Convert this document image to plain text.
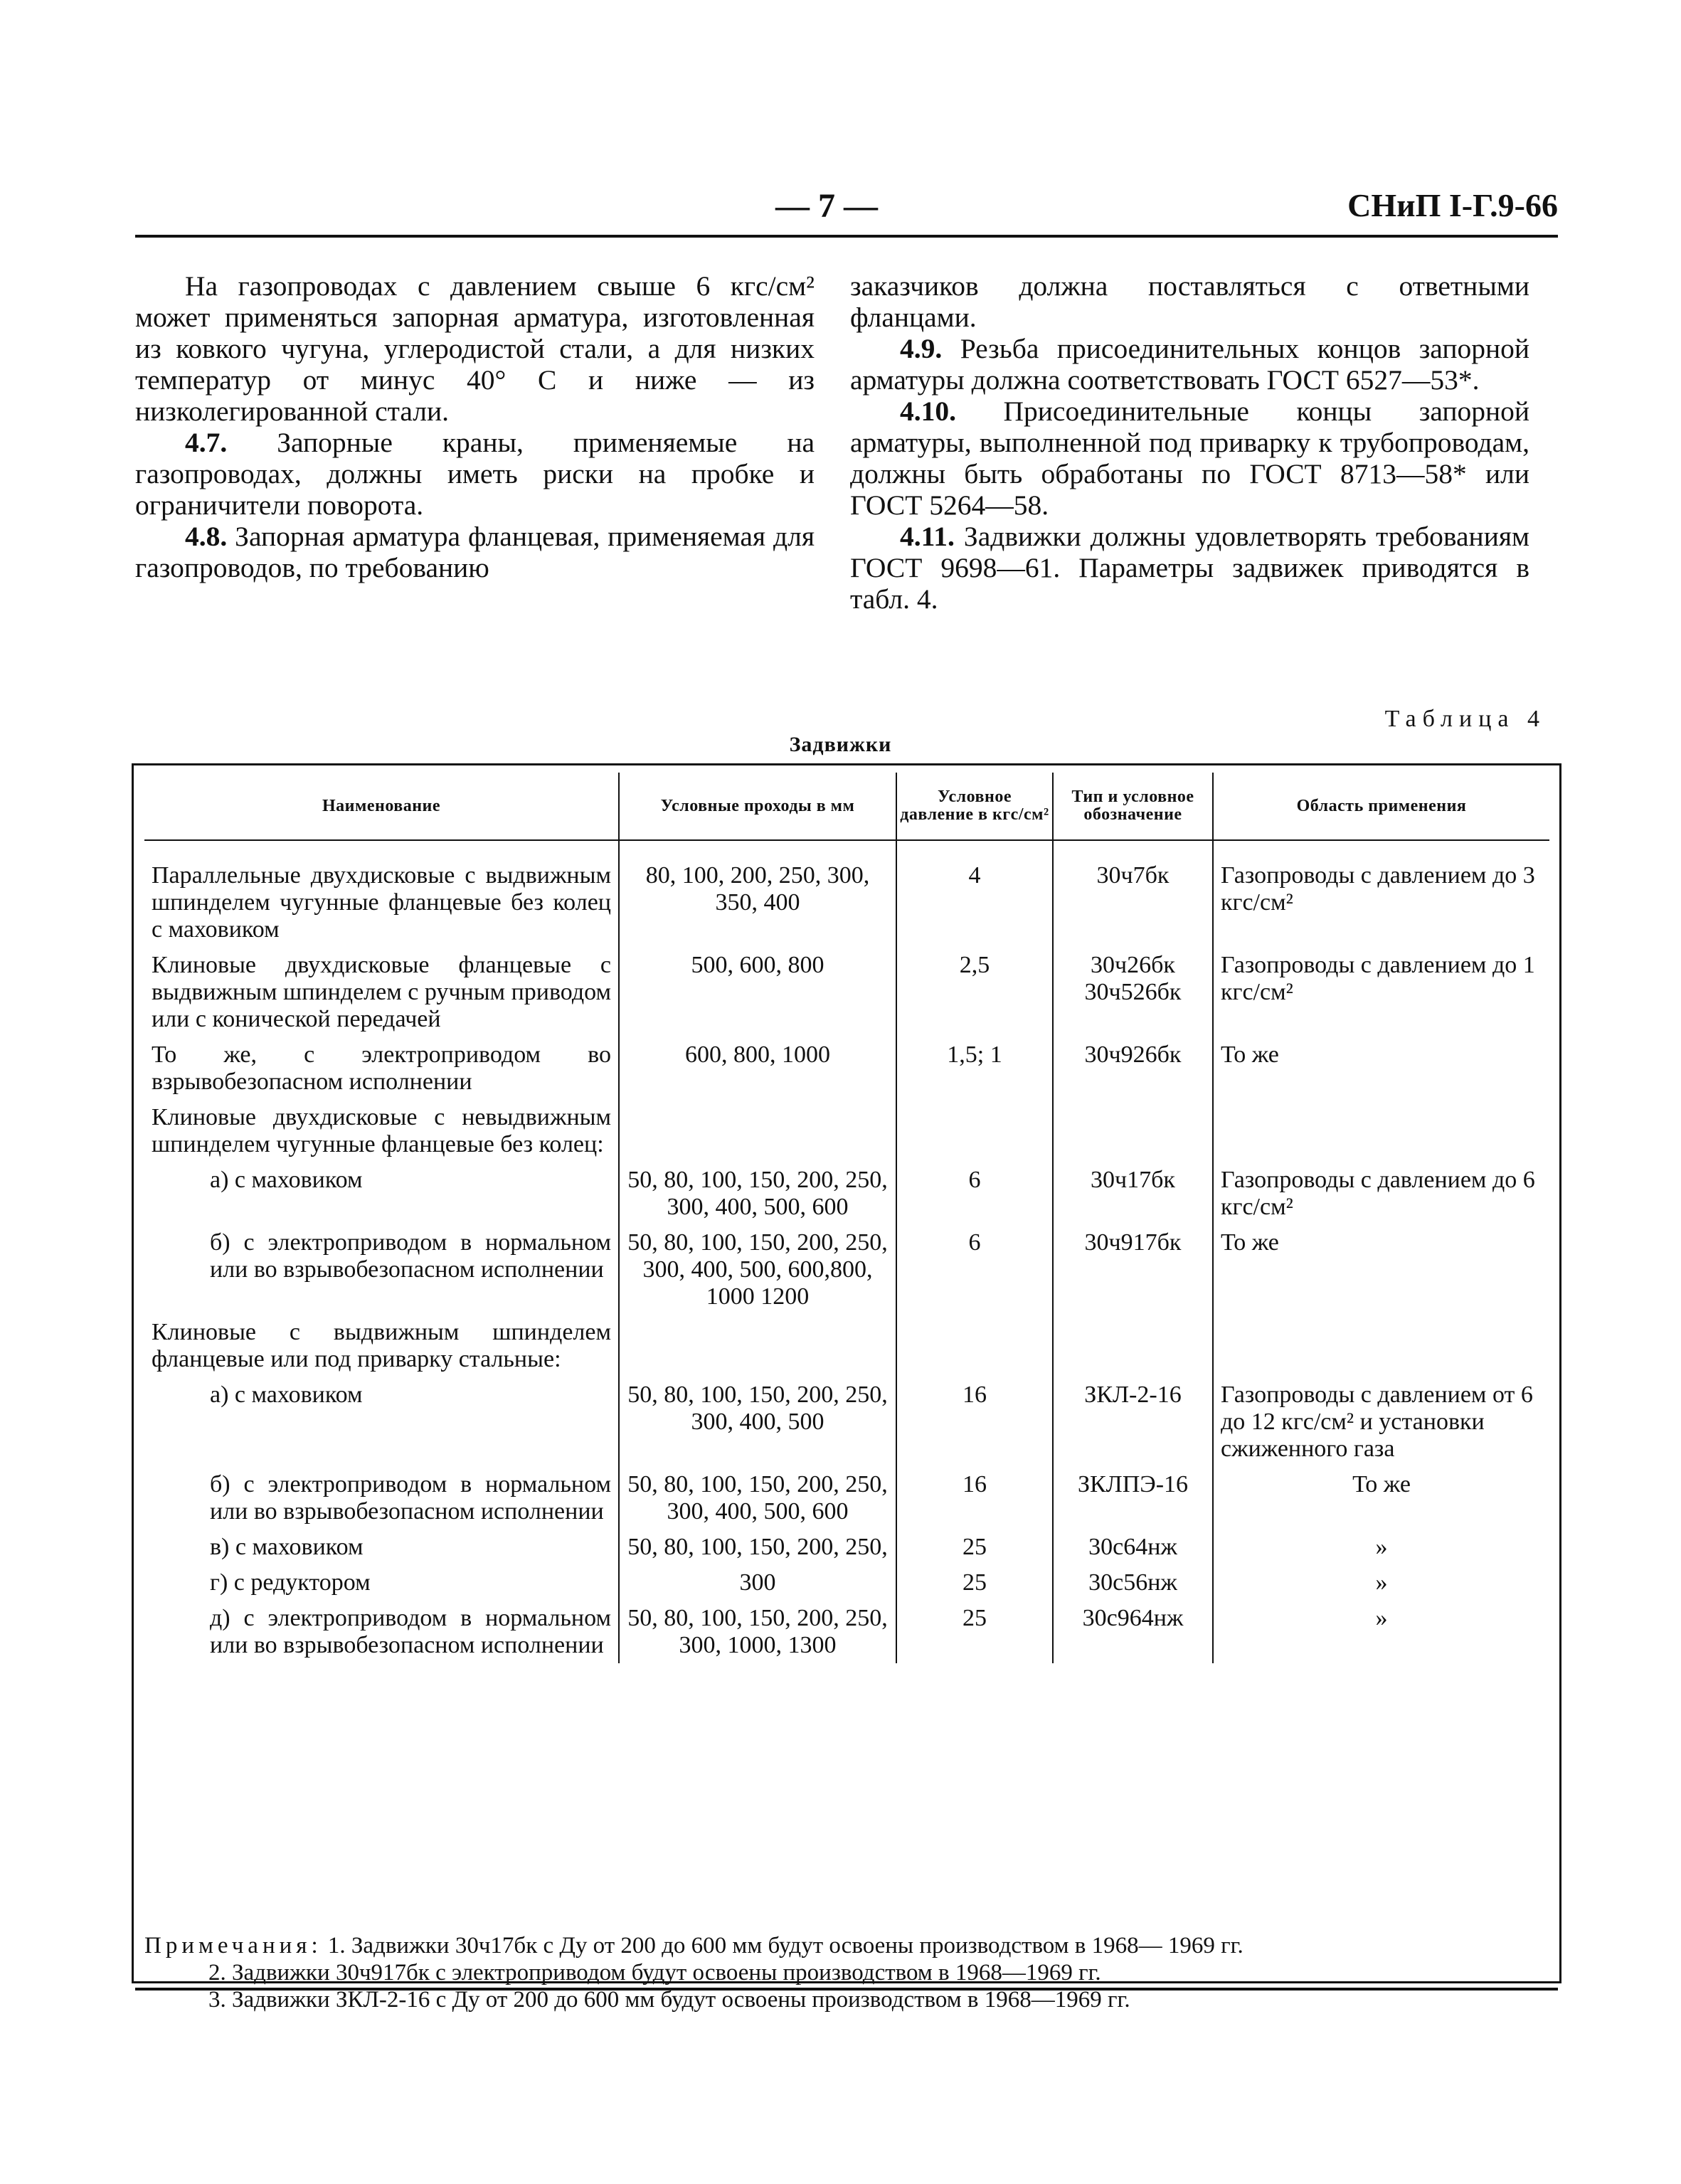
— 7 —	СНиП I-Г.9-66

На газопроводах с давлением свыше 6 кгс/см² может применяться запорная арматура, изготовленная из ковкого чугуна, углеродистой стали, а для низких температур от минус 40° С и ниже — из низколегированной стали.

4.7. Запорные краны, применяемые на газопроводах, должны иметь риски на пробке и ограничители поворота.

4.8. Запорная арматура фланцевая, применяемая для газопроводов, по требованию

заказчиков должна поставляться с ответными фланцами.

4.9. Резьба присоединительных концов запорной арматуры должна соответствовать ГОСТ 6527—53*.

4.10. Присоединительные концы запорной арматуры, выполненной под приварку к трубопроводам, должны быть обработаны по ГОСТ 8713—58* или ГОСТ 5264—58.

4.11. Задвижки должны удовлетворять требованиям ГОСТ 9698—61. Параметры задвижек приводятся в табл. 4.

Таблица 4
Задвижки
Наименование	Условные проходы в мм	Условное давление в кгс/см²	Тип и условное обозначение	Область применения
Параллельные двухдисковые с выдвижным шпинделем чугунные фланцевые без колец с маховиком	80, 100, 200, 250, 300, 350, 400	4	30ч7бк	Газопроводы с давлением до 3 кгс/см²
Клиновые двухдисковые фланцевые с выдвижным шпинделем с ручным приводом или с конической передачей	500, 600, 800	2,5	30ч26бк 30ч526бк	Газопроводы с давлением до 1 кгс/см²
То же, с электроприводом во взрывобезопасном исполнении	600, 800, 1000	1,5; 1	30ч926бк	То же
Клиновые двухдисковые с невыдвижным шпинделем чугунные фланцевые без колец:				
а) с маховиком	50, 80, 100, 150, 200, 250, 300, 400, 500, 600	6	30ч17бк	Газопроводы с давлением до 6 кгс/см²
б) с электроприводом в нормальном или во взрывобезопасном исполнении	50, 80, 100, 150, 200, 250, 300, 400, 500, 600,800, 1000 1200	6	30ч917бк	То же
Клиновые с выдвижным шпинделем фланцевые или под приварку стальные:				
а) с маховиком	50, 80, 100, 150, 200, 250, 300, 400, 500	16	ЗКЛ-2-16	Газопроводы с давлением от 6 до 12 кгс/см² и установки сжиженного газа
б) с электроприводом в нормальном или во взрывобезопасном исполнении	50, 80, 100, 150, 200, 250, 300, 400, 500, 600	16	ЗКЛПЭ-16	То же
в) с маховиком	50, 80, 100, 150, 200, 250,	25	30с64нж	»
г) с редуктором	300	25	30с56нж	»
д) с электроприводом в нормальном или во взрывобезопасном исполнении	50, 80, 100, 150, 200, 250, 300, 1000, 1300	25	30с964нж	»
Примечания: 1. Задвижки 30ч17бк с Ду от 200 до 600 мм будут освоены производством в 1968— 1969 гг.
2. Задвижки 30ч917бк с электроприводом будут освоены производством в 1968—1969 гг.
3. Задвижки ЗКЛ-2-16 с Ду от 200 до 600 мм будут освоены производством в 1968—1969 гг.
